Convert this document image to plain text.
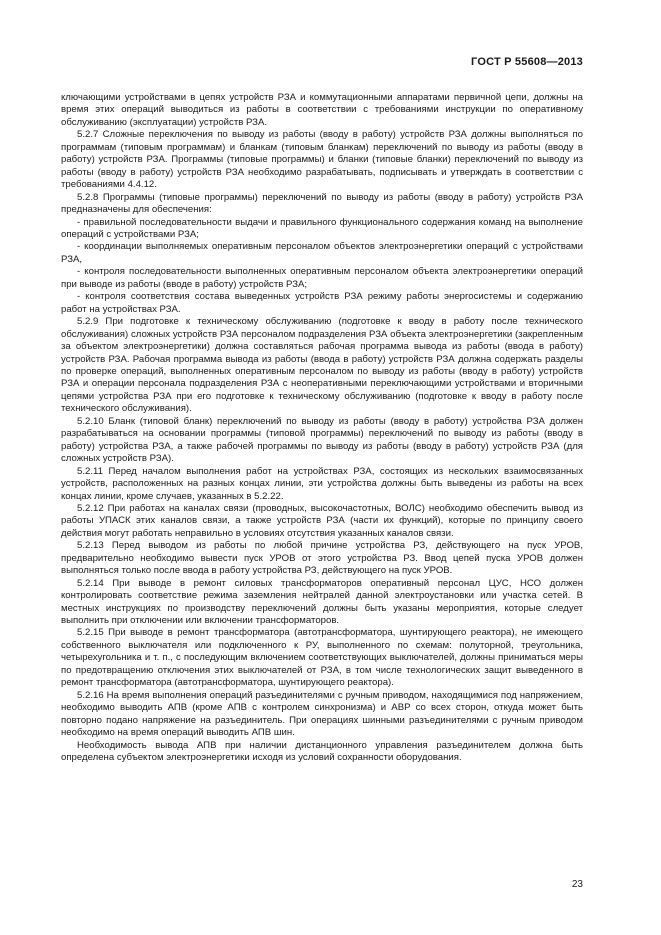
ГОСТ Р 55608—2013

ключающими устройствами в цепях устройств РЗА и коммутационными аппаратами первичной цепи, должны на время этих операций выводиться из работы в соответствии с требованиями инструкции по оперативному обслуживанию (эксплуатации) устройств РЗА.

5.2.7 Сложные переключения по выводу из работы (вводу в работу) устройств РЗА должны выполняться по программам (типовым программам) и бланкам (типовым бланкам) переключений по выводу из работы (вводу в работу) устройств РЗА. Программы (типовые программы) и бланки (типовые бланки) переключений по выводу из работы (вводу в работу) устройств РЗА необходимо разрабатывать, подписывать и утверждать в соответствии с требованиями 4.4.12.

5.2.8 Программы (типовые программы) переключений по выводу из работы (вводу в работу) устройств РЗА предназначены для обеспечения:

- правильной последовательности выдачи и правильного функционального содержания команд на выполнение операций с устройствами РЗА;

- координации выполняемых оперативным персоналом объектов электроэнергетики операций с устройствами РЗА,

- контроля последовательности выполненных оперативным персоналом объекта электроэнергетики операций при выводе из работы (вводе в работу) устройств РЗА;

- контроля соответствия состава выведенных устройств РЗА режиму работы энергосистемы и содержанию работ на устройствах РЗА.

5.2.9 При подготовке к техническому обслуживанию (подготовке к вводу в работу после технического обслуживания) сложных устройств РЗА персоналом подразделения РЗА объекта электроэнергетики (закрепленным за объектом электроэнергетики) должна составляться рабочая программа вывода из работы (ввода в работу) устройств РЗА. Рабочая программа вывода из работы (ввода в работу) устройств РЗА должна содержать разделы по проверке операций, выполненных оперативным персоналом по выводу из работы (вводу в работу) устройств РЗА и операции персонала подразделения РЗА с неоперативными переключающими устройствами и вторичными цепями устройства РЗА при его подготовке к техническому обслуживанию (подготовке к вводу в работу после технического обслуживания).

5.2.10 Бланк (типовой бланк) переключений по выводу из работы (вводу в работу) устройства РЗА должен разрабатываться на основании программы (типовой программы) переключений по выводу из работы (вводу в работу) устройства РЗА, а также рабочей программы по выводу из работы (вводу в работу) устройств РЗА (для сложных устройств РЗА).

5.2.11 Перед началом выполнения работ на устройствах РЗА, состоящих из нескольких взаимосвязанных устройств, расположенных на разных концах линии, эти устройства должны быть выведены из работы на всех концах линии, кроме случаев, указанных в 5.2.22.

5.2.12 При работах на каналах связи (проводных, высокочастотных, ВОЛС) необходимо обеспечить вывод из работы УПАСК этих каналов связи, а также устройств РЗА (части их функций), которые по принципу своего действия могут работать неправильно в условиях отсутствия указанных каналов связи.

5.2.13 Перед выводом из работы по любой причине устройства РЗ, действующего на пуск УРОВ, предварительно необходимо вывести пуск УРОВ от этого устройства РЗ. Ввод цепей пуска УРОВ должен выполняться только после ввода в работу устройства РЗ, действующего на пуск УРОВ.

5.2.14 При выводе в ремонт силовых трансформаторов оперативный персонал ЦУС, НСО должен контролировать соответствие режима заземления нейтралей данной электроустановки или участка сетей. В местных инструкциях по производству переключений должны быть указаны мероприятия, которые следует выполнить при отключении или включении трансформаторов.

5.2.15 При выводе в ремонт трансформатора (автотрансформатора, шунтирующего реактора), не имеющего собственного выключателя или подключенного к РУ, выполненного по схемам: полуторной, треугольника, четырехугольника и т. п., с последующим включением соответствующих выключателей, должны приниматься меры по предотвращению отключения этих выключателей от РЗА, в том числе технологических защит выведенного в ремонт трансформатора (автотрансформатора, шунтирующего реактора).

5.2.16 На время выполнения операций разъединителями с ручным приводом, находящимися под напряжением, необходимо выводить АПВ (кроме АПВ с контролем синхронизма) и АВР со всех сторон, откуда может быть повторно подано напряжение на разъединитель. При операциях шинными разъединителями с ручным приводом необходимо на время операций выводить АПВ шин.

Необходимость вывода АПВ при наличии дистанционного управления разъединителем должна быть определена субъектом электроэнергетики исходя из условий сохранности оборудования.

23
